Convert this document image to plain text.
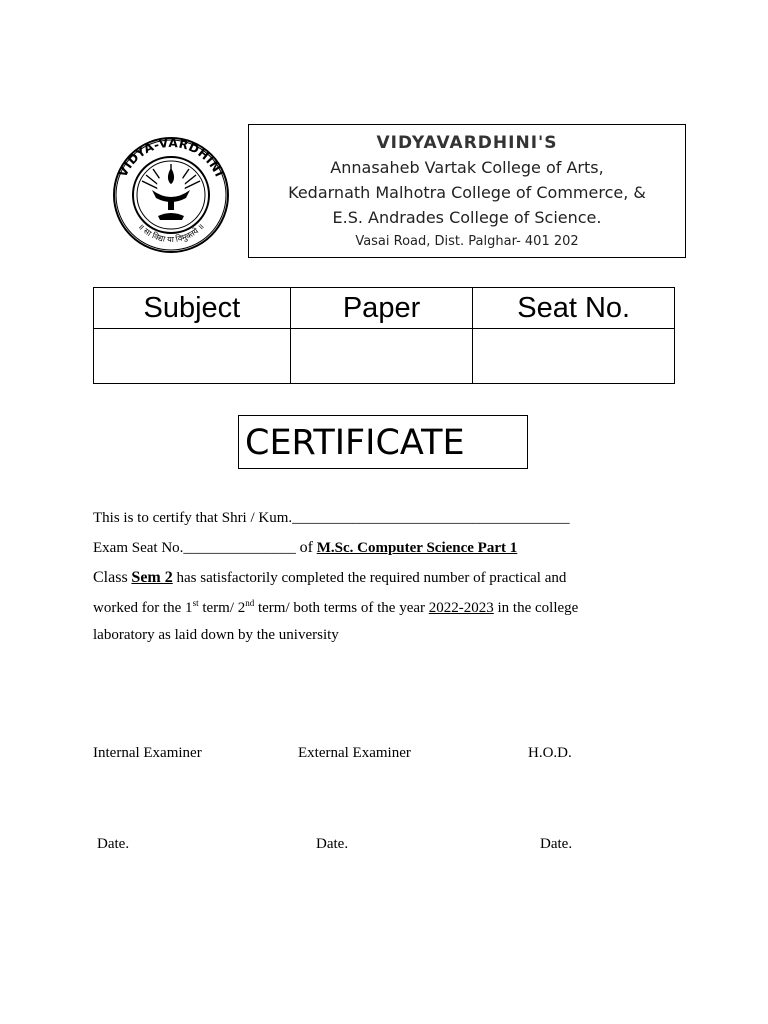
VIDYA-VARDHINI
॥ सा विद्या या विमुक्तये ॥
VIDYAVARDHINI'S
Annasaheb Vartak College of Arts,
Kedarnath Malhotra College of Commerce, &
E.S. Andrades College of Science.
Vasai Road, Dist. Palghar- 401 202
Subject	Paper	Seat No.

CERTIFICATE
This is to certify that Shri / Kum._____________________________________
Exam Seat No._______________ of M.Sc. Computer Science Part 1
Class Sem 2 has satisfactorily completed the required number of practical and
worked for the 1st term/ 2nd term/ both terms of the year 2022-2023 in the college
laboratory as laid down by the university
Internal Examiner	External Examiner	H.O.D.
Date.	Date.	Date.
